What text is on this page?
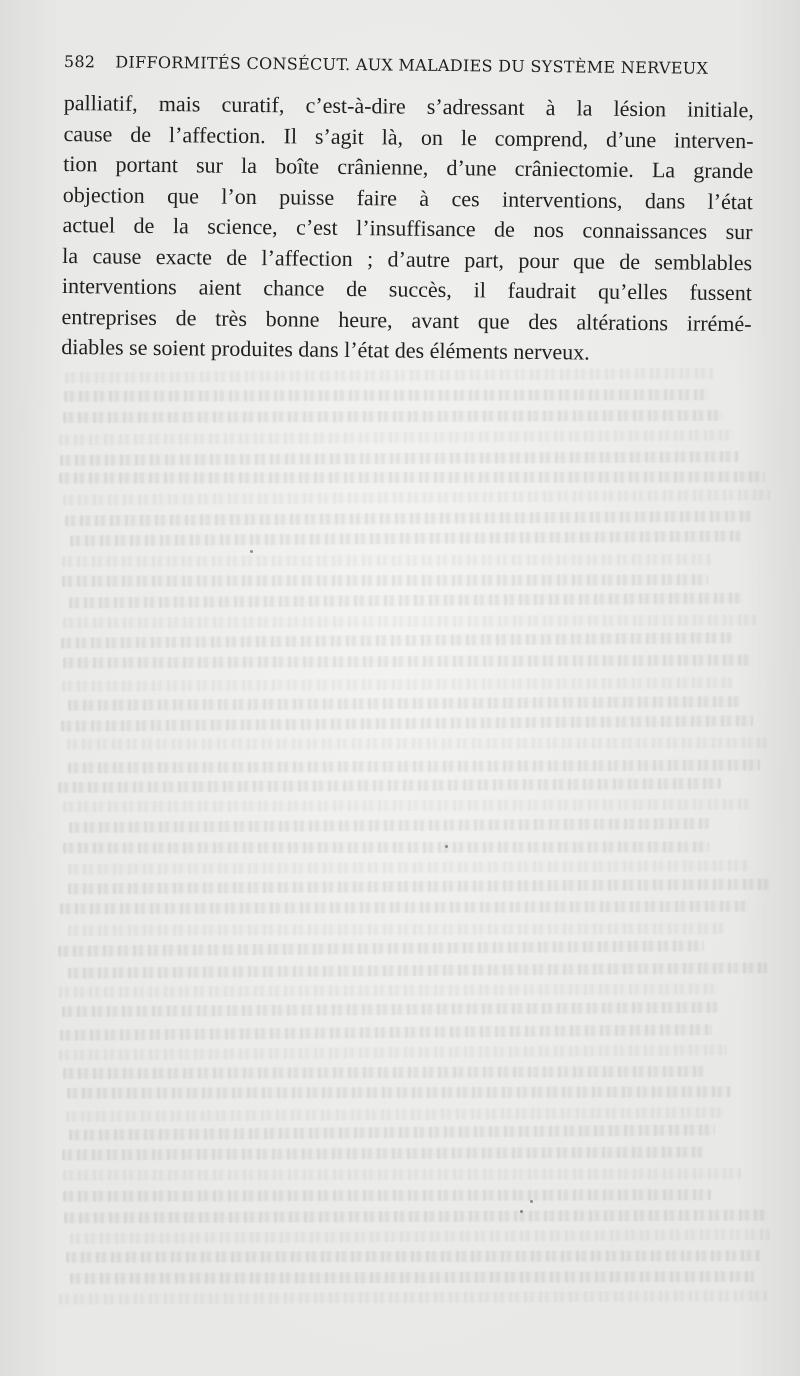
582 DIFFORMITÉS CONSÉCUT. AUX MALADIES DU SYSTÈME NERVEUX
palliatif, mais curatif, c’est-à-dire s’adressant à la lésion initiale,
cause de l’affection. Il s’agit là, on le comprend, d’une interven-
tion portant sur la boîte crânienne, d’une crâniectomie. La grande
objection que l’on puisse faire à ces interventions, dans l’état
actuel de la science, c’est l’insuffisance de nos connaissances sur
la cause exacte de l’affection ; d’autre part, pour que de semblables
interventions aient chance de succès, il faudrait qu’elles fussent
entreprises de très bonne heure, avant que des altérations irrémé-
diables se soient produites dans l’état des éléments nerveux.
